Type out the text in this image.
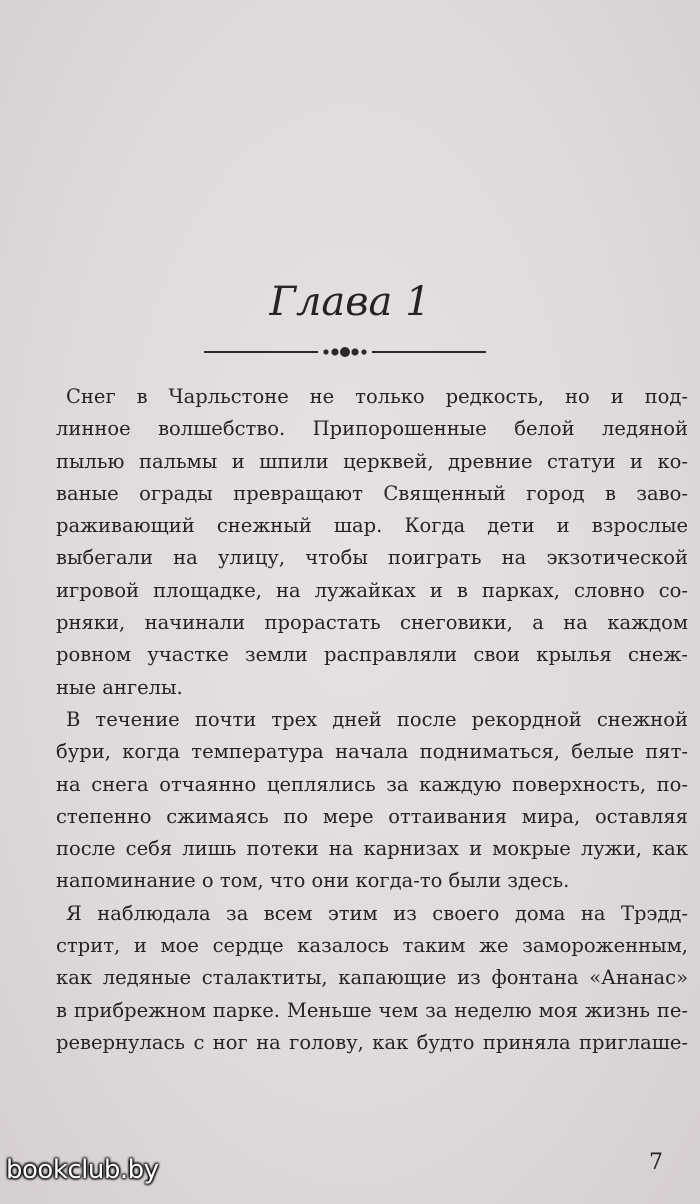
Глава 1
Снег в Чарльстоне не только редкость, но и под-
линное волшебство. Припорошенные белой ледяной
пылью пальмы и шпили церквей, древние статуи и ко-
ваные ограды превращают Священный город в заво-
раживающий снежный шар. Когда дети и взрослые
выбегали на улицу, чтобы поиграть на экзотической
игровой площадке, на лужайках и в парках, словно со-
рняки, начинали прорастать снеговики, а на каждом
ровном участке земли расправляли свои крылья снеж-
ные ангелы.
В течение почти трех дней после рекордной снежной
бури, когда температура начала подниматься, белые пят-
на снега отчаянно цеплялись за каждую поверхность, по-
степенно сжимаясь по мере оттаивания мира, оставляя
после себя лишь потеки на карнизах и мокрые лужи, как
напоминание о том, что они когда-то были здесь.
Я наблюдала за всем этим из своего дома на Трэдд-
стрит, и мое сердце казалось таким же замороженным,
как ледяные сталактиты, капающие из фонтана «Ананас»
в прибрежном парке. Меньше чем за неделю моя жизнь пе-
ревернулась с ног на голову, как будто приняла приглаше-
7
bookclub.by
